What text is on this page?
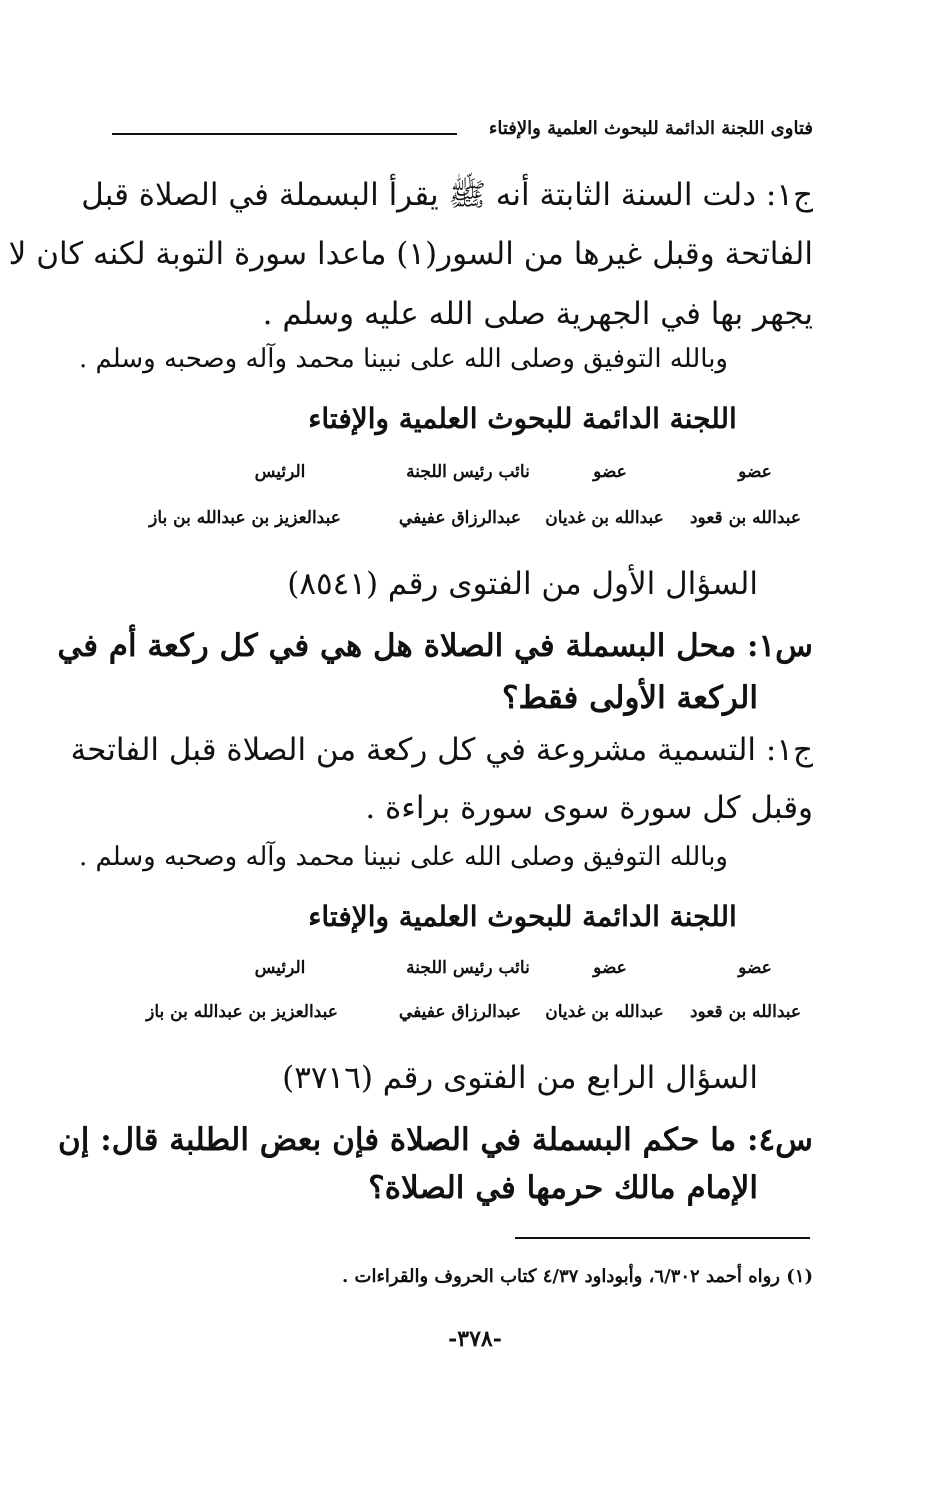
فتاوى اللجنة الدائمة للبحوث العلمية والإفتاء
ج١: دلت السنة الثابتة أنه ﷺ يقرأ البسملة في الصلاة قبل
الفاتحة وقبل غيرها من السور(١) ماعدا سورة التوبة لكنه كان لا
يجهر بها في الجهرية صلى الله عليه وسلم .
وبالله التوفيق وصلى الله على نبينا محمد وآله وصحبه وسلم .
اللجنة الدائمة للبحوث العلمية والإفتاء
عضو
عضو
نائب رئيس اللجنة
الرئيس
عبدالله بن قعود
عبدالله بن غديان
عبدالرزاق عفيفي
عبدالعزيز بن عبدالله بن باز
السؤال الأول من الفتوى رقم (٨٥٤١)
س١: محل البسملة في الصلاة هل هي في كل ركعة أم في
الركعة الأولى فقط؟
ج١: التسمية مشروعة في كل ركعة من الصلاة قبل الفاتحة
وقبل كل سورة سوى سورة براءة .
وبالله التوفيق وصلى الله على نبينا محمد وآله وصحبه وسلم .
اللجنة الدائمة للبحوث العلمية والإفتاء
عضو
عضو
نائب رئيس اللجنة
الرئيس
عبدالله بن قعود
عبدالله بن غديان
عبدالرزاق عفيفي
عبدالعزيز بن عبدالله بن باز
السؤال الرابع من الفتوى رقم (٣٧١٦)
س٤: ما حكم البسملة في الصلاة فإن بعض الطلبة قال: إن
الإمام مالك حرمها في الصلاة؟
(١) رواه أحمد ٦/٣٠٢، وأبوداود ٤/٣٧ كتاب الحروف والقراءات .
-٣٧٨-
